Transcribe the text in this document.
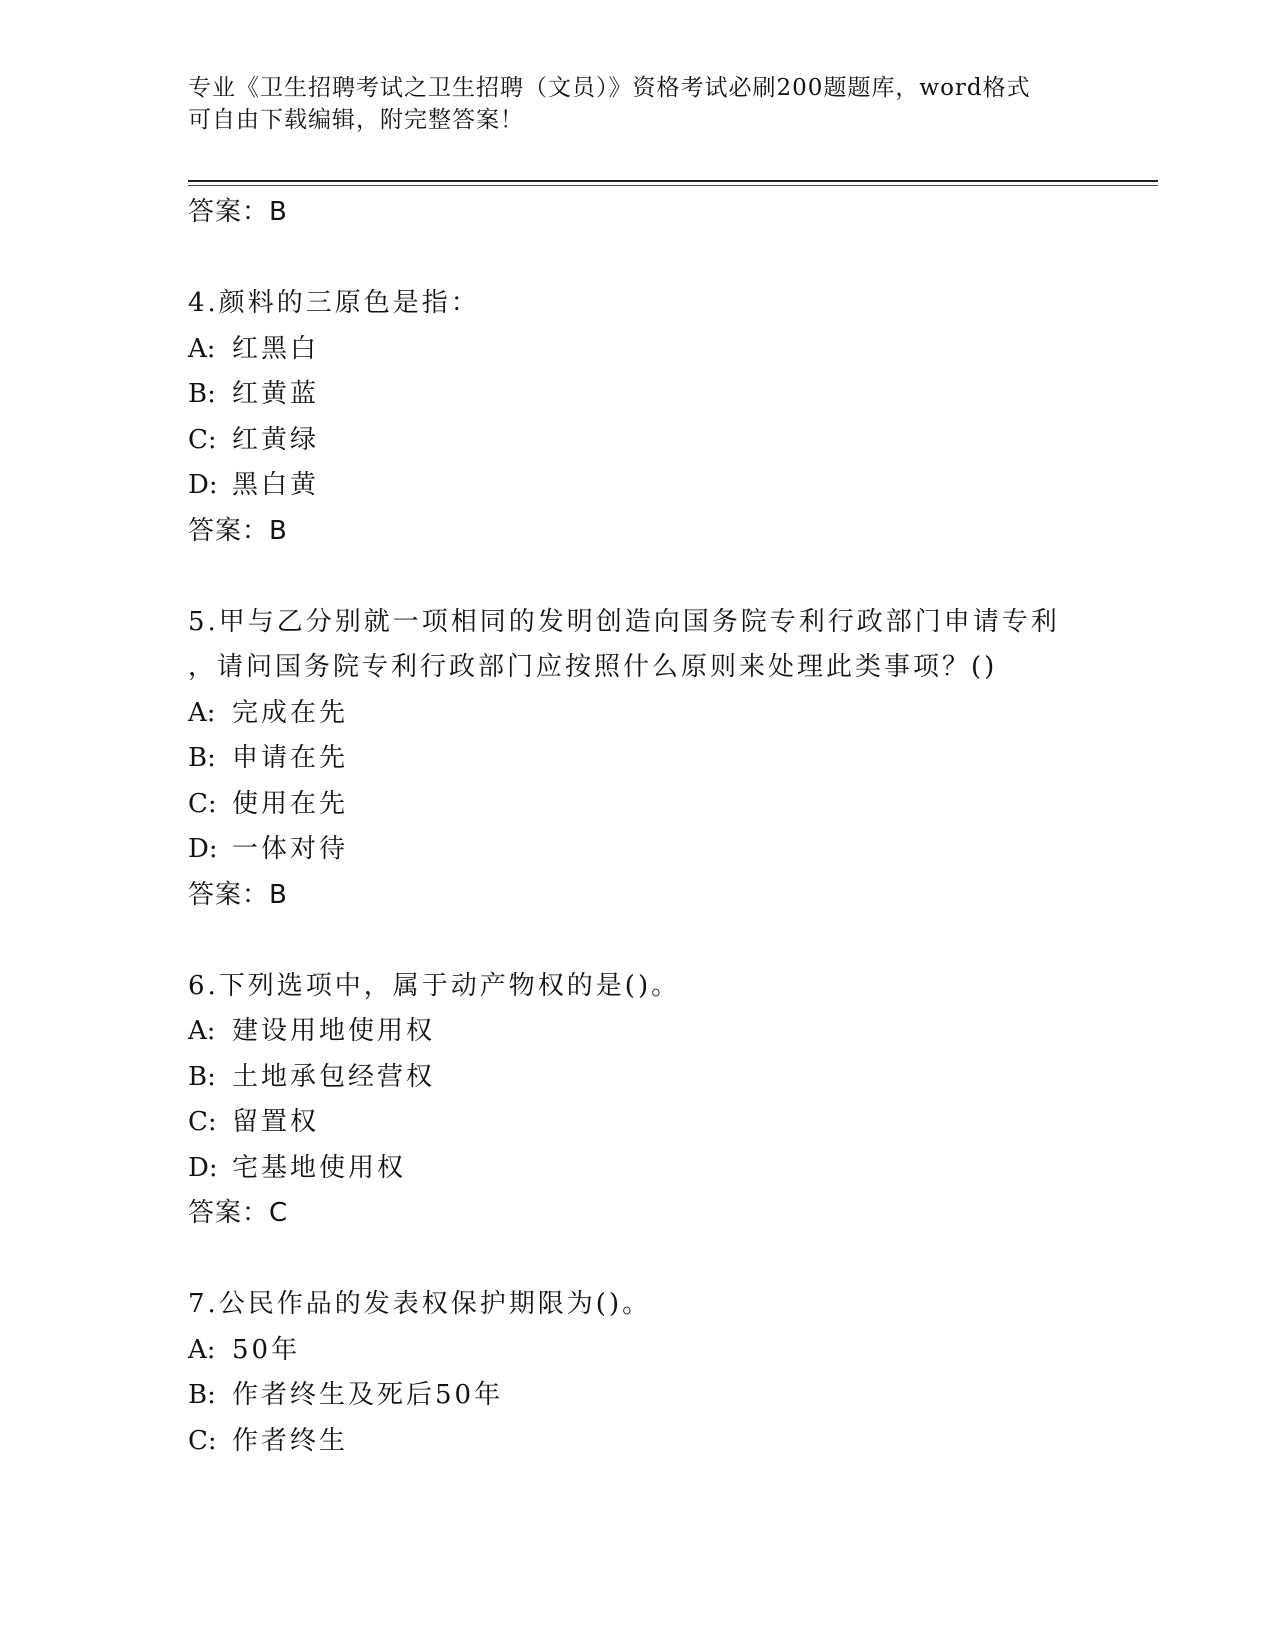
专业《卫生招聘考试之卫生招聘（文员）》资格考试必刷200题题库，word格式
可自由下载编辑，附完整答案！
答案：B
4.颜料的三原色是指：
A: 红黑白
B: 红黄蓝
C: 红黄绿
D: 黑白黄
答案：B
5.甲与乙分别就一项相同的发明创造向国务院专利行政部门申请专利
，请问国务院专利行政部门应按照什么原则来处理此类事项？()
A: 完成在先
B: 申请在先
C: 使用在先
D: 一体对待
答案：B
6.下列选项中，属于动产物权的是()。
A: 建设用地使用权
B: 土地承包经营权
C: 留置权
D: 宅基地使用权
答案：C
7.公民作品的发表权保护期限为()。
A: 50年
B: 作者终生及死后50年
C: 作者终生
